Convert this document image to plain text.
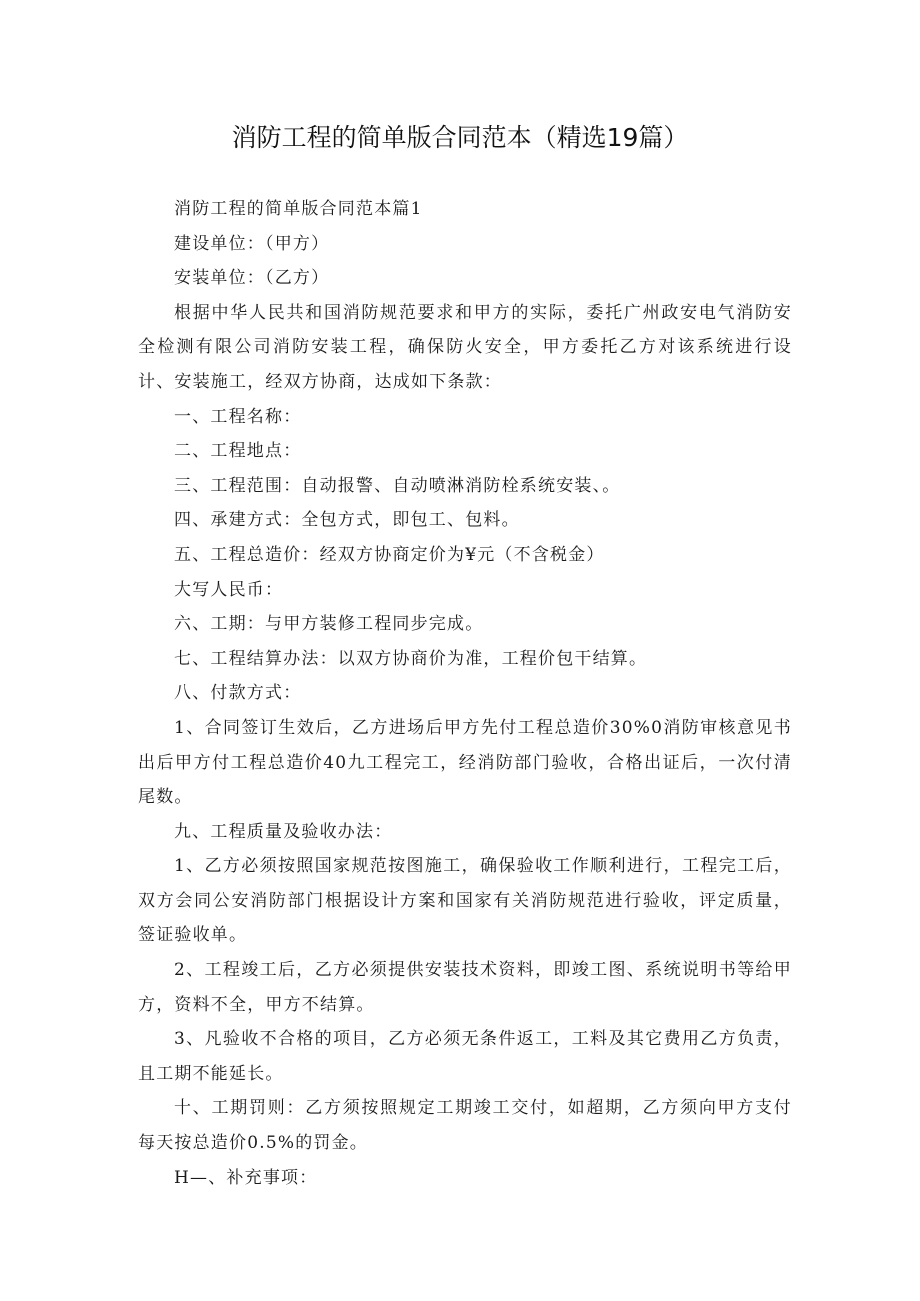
消防工程的简单版合同范本（精选19篇）

消防工程的简单版合同范本篇1

建设单位：（甲方）

安装单位：（乙方）

根据中华人民共和国消防规范要求和甲方的实际，委托广州政安电气消防安全检测有限公司消防安装工程，确保防火安全，甲方委托乙方对该系统进行设计、安装施工，经双方协商，达成如下条款：

一、工程名称：

二、工程地点：

三、工程范围：自动报警、自动喷淋消防栓系统安装、。

四、承建方式：全包方式，即包工、包料。

五、工程总造价：经双方协商定价为¥元（不含税金）

大写人民币：

六、工期：与甲方装修工程同步完成。

七、工程结算办法：以双方协商价为准，工程价包干结算。

八、付款方式：

1、合同签订生效后，乙方进场后甲方先付工程总造价30%0消防审核意见书出后甲方付工程总造价40九工程完工，经消防部门验收，合格出证后，一次付清尾数。

九、工程质量及验收办法：

1、乙方必须按照国家规范按图施工，确保验收工作顺利进行，工程完工后，双方会同公安消防部门根据设计方案和国家有关消防规范进行验收，评定质量，签证验收单。

2、工程竣工后，乙方必须提供安装技术资料，即竣工图、系统说明书等给甲方，资料不全，甲方不结算。

3、凡验收不合格的项目，乙方必须无条件返工，工料及其它费用乙方负责，且工期不能延长。

十、工期罚则：乙方须按照规定工期竣工交付，如超期，乙方须向甲方支付每天按总造价0.5%的罚金。

H—、补充事项：
